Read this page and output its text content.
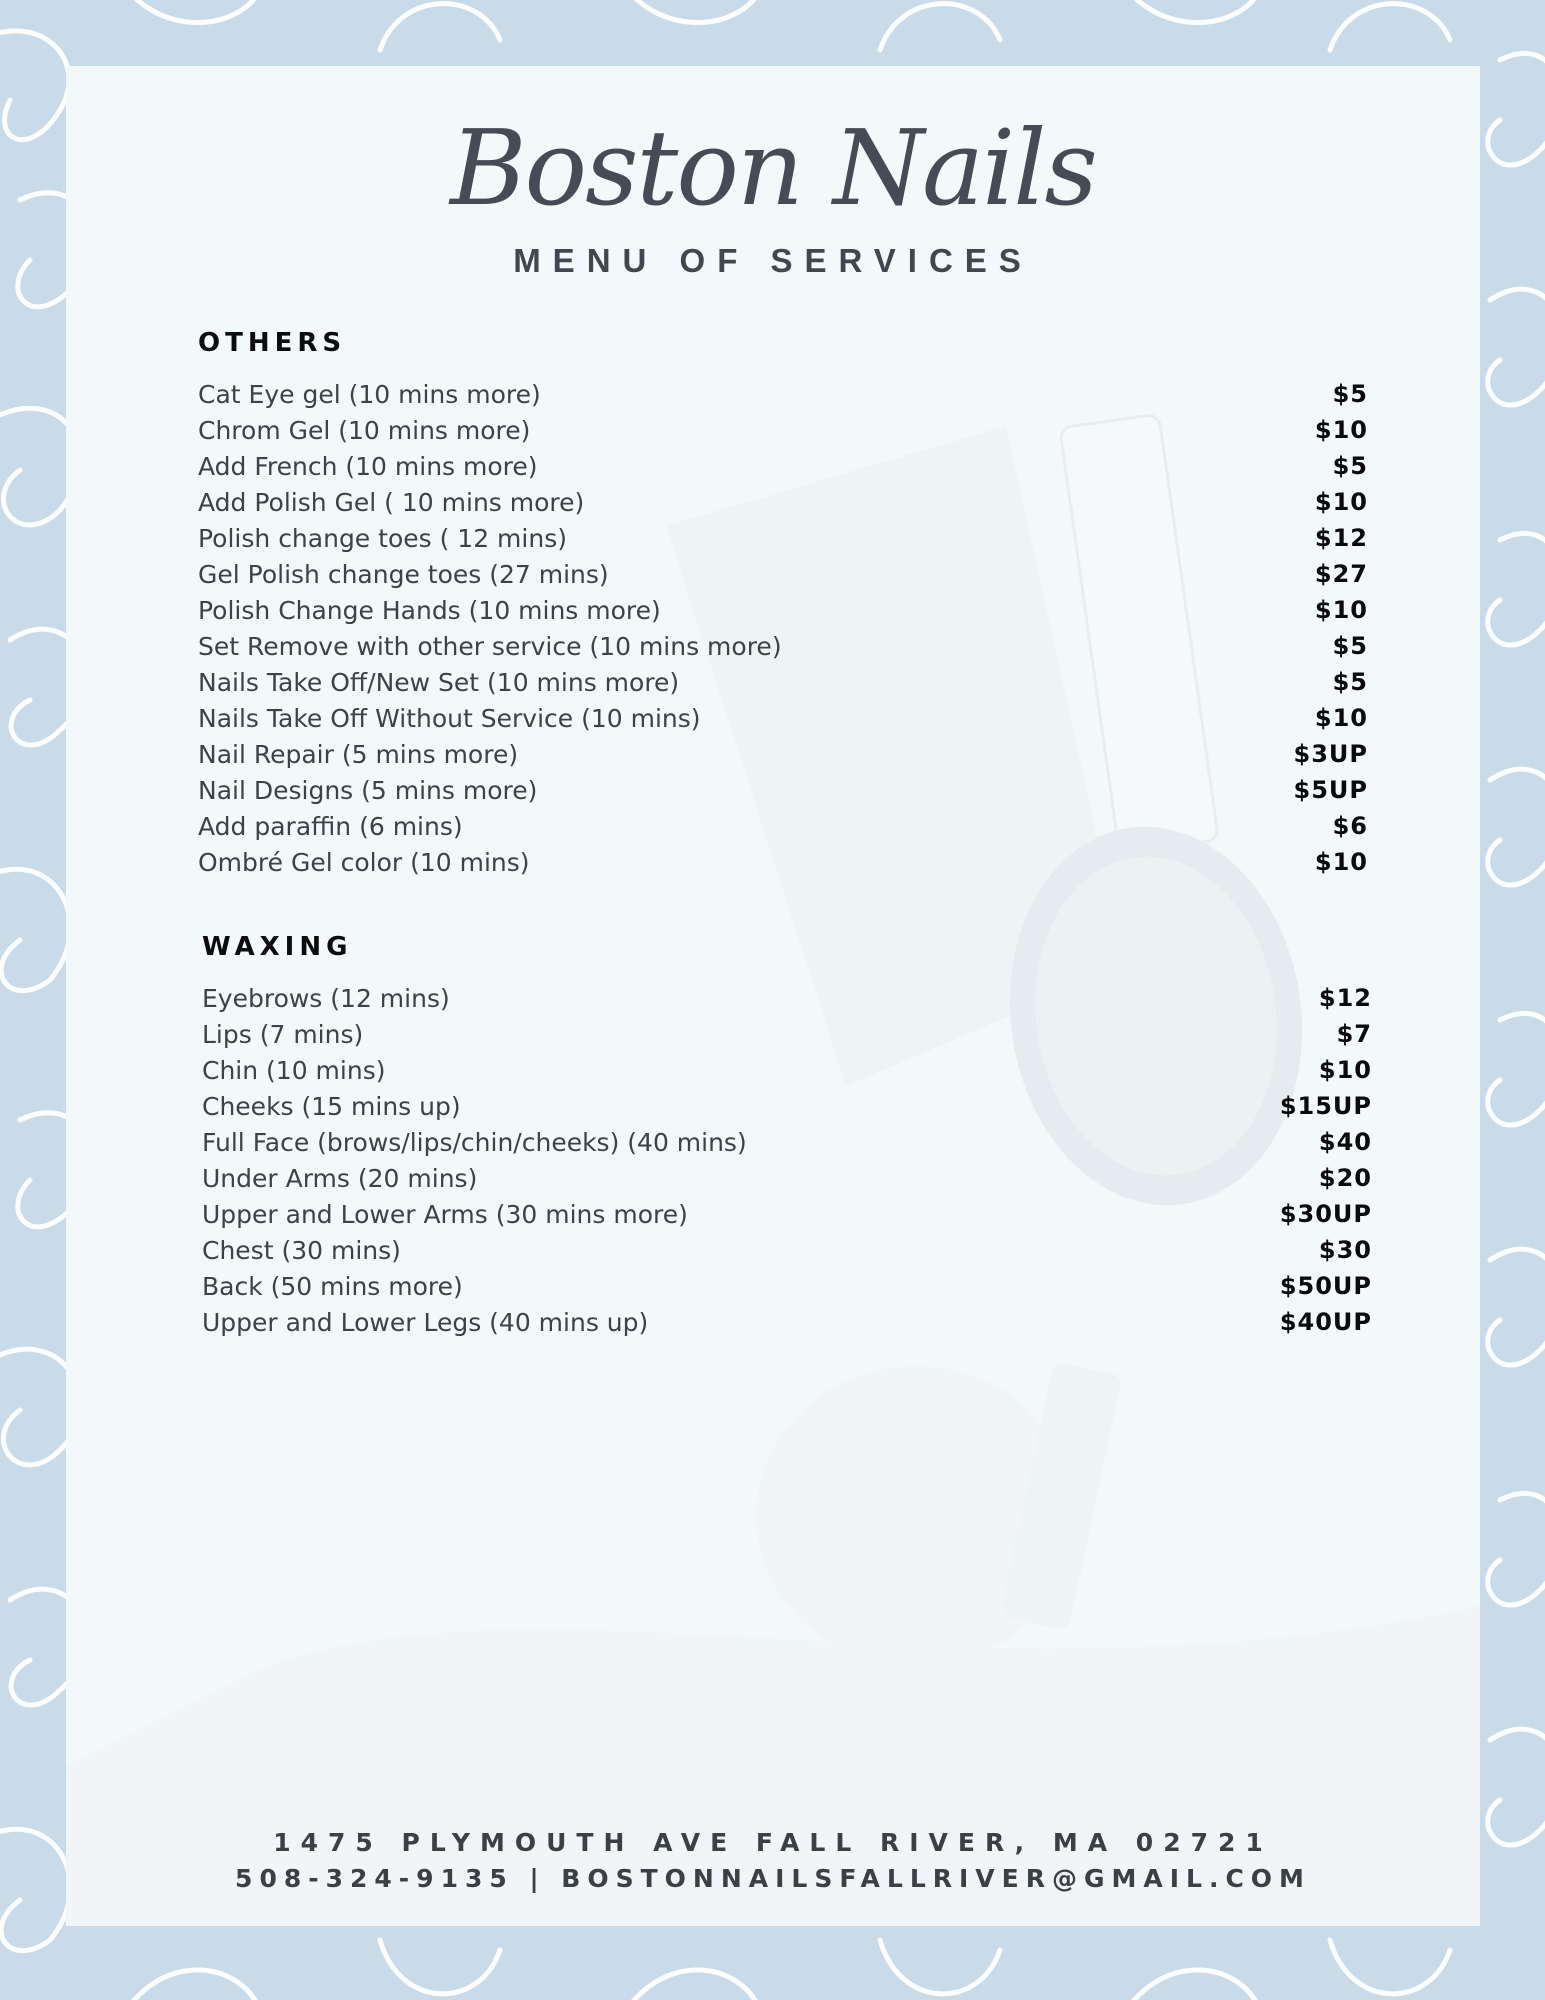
Boston Nails
MENU OF SERVICES
OTHERS
Cat Eye gel (10 mins more)	$5
Chrom Gel (10 mins more)	$10
Add French (10 mins more)	$5
Add Polish Gel ( 10 mins more)	$10
Polish change toes ( 12 mins)	$12
Gel Polish change toes (27 mins)	$27
Polish Change Hands (10 mins more)	$10
Set Remove with other service (10 mins more)	$5
Nails Take Off/New Set (10 mins more)	$5
Nails Take Off Without Service (10 mins)	$10
Nail Repair (5 mins more)	$3UP
Nail Designs (5 mins more)	$5UP
Add paraffin (6 mins)	$6
Ombré Gel color (10 mins)	$10
WAXING
Eyebrows (12 mins)	$12
Lips (7 mins)	$7
Chin (10 mins)	$10
Cheeks (15 mins up)	$15UP
Full Face (brows/lips/chin/cheeks) (40 mins)	$40
Under Arms (20 mins)	$20
Upper and Lower Arms (30 mins more)	$30UP
Chest (30 mins)	$30
Back (50 mins more)	$50UP
Upper and Lower Legs (40 mins up)	$40UP
1475 PLYMOUTH AVE FALL RIVER, MA 02721
508-324-9135 | BOSTONNAILSFALLRIVER@GMAIL.COM
